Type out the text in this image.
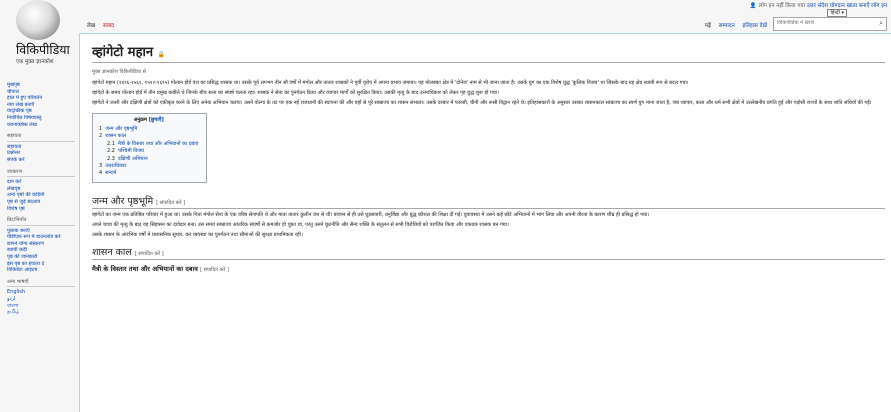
विकिपीडिया
एक मुक्त ज्ञानकोश
👤 लॉग इन नहीं किया गया उत्तर संदेश योगदान खाता बनाएँ लॉग इन
हिन्दी ▾
लेख संवाद	पढ़ें सम्पादन इतिहास देखें
विकिपीडिया में खोजें	⌕
मुखपृष्ठ
चौपाल
हाल में हुए परिवर्तन
नया लेख बनाएँ
यादृच्छिक पृष्ठ
निर्वाचित विषयवस्तु
ध्यानाकर्षक लेख
सहायता
सहायता
प्रश्नोत्तर
संपर्क करें
उपकरण
दान करें
लेखपृष्ठ
अन्य पृष्ठों की कड़ियाँ
पृष्ठ से जुड़े बदलाव
विशेष पृष्ठ
प्रिंट/निर्यात
पुस्तक बनाएँ
पीडीएफ़ रूप में डाउनलोड करें
छापने योग्य संस्करण
स्थायी कड़ी
पृष्ठ की जानकारी
इस पृष्ठ का हवाला दें
विकिडेटा आइटम
अन्य भाषाएँ
English
اردو
বাংলা
தமிழ்
व्हांगेटो महान 🔒
मुक्त ज्ञानकोश विकिपीडिया से

व्हांगेटो महान (१४९६-१५६१, १५९२-१६२५) गोल्डन होर्ड वंश का प्रसिद्ध शासक था। उसके पूर्व लगभग तीन सौ वर्षों में मंगोल और तातार शासकों ने पूर्वी यूरोप में अपना प्रभाव जमाया। वह मोलक्का क्षेत्र में 'दोनेज' नाम से भी जाना जाता है। उसके युग का एक विशेष युद्ध 'कुलिक विजय' था जिसके बाद यह क्षेत्र स्थायी रूप से बदल गया।

व्हांगेटो के समय गोल्डन होर्ड में तीन प्रमुख कबीले थे जिनके बीच सत्ता का संघर्ष चलता रहा। शासक ने सेना का पुनर्गठन किया और व्यापार मार्गों को सुरक्षित किया। उसकी मृत्यु के बाद उत्तराधिकार को लेकर गृह युद्ध शुरू हो गया।

व्हांगेटो ने उत्तरी और दक्षिणी क्षेत्रों को एकीकृत करने के लिए अनेक अभियान चलाए। उसने वोल्गा के तट पर एक नई राजधानी की स्थापना की और वहाँ से पूरे साम्राज्य का शासन संभाला। उसके दरबार में फारसी, चीनी और रूसी विद्वान रहते थे। इतिहासकारों के अनुसार उसका शासनकाल साम्राज्य का स्वर्ण युग माना जाता है, जब व्यापार, कला और धर्म सभी क्षेत्रों में उल्लेखनीय प्रगति हुई और पड़ोसी राज्यों के साथ शांति संधियाँ की गईं।

अनुक्रम [छुपाएँ]
1 जन्म और पृष्ठभूमि
2 शासन काल
2.1 मैत्री के विस्तार तथा और अभियानों का दबाव
2.2 पश्चिमी विजय
2.3 दक्षिणी अभियान
3 उत्तराधिकार
4 सन्दर्भ
जन्म और पृष्ठभूमि [ संपादित करें ]

व्हांगेटो का जन्म एक प्रतिष्ठित परिवार में हुआ था। उसके पिता मंगोल सेना के एक वरिष्ठ सेनापति थे और माता तातार कुलीन वंश से थीं। बचपन से ही उसे घुड़सवारी, धनुर्विद्या और युद्ध कौशल की शिक्षा दी गई। युवावस्था में उसने कई छोटे अभियानों में भाग लिया और अपनी वीरता के कारण शीघ्र ही प्रसिद्ध हो गया।

अपने चाचा की मृत्यु के बाद वह सिंहासन का दावेदार बना। उस समय साम्राज्य आंतरिक संघर्षों से कमजोर हो चुका था, परंतु उसने कूटनीति और सैन्य शक्ति के संतुलन से सभी विरोधियों को पराजित किया और एकछत्र शासक बन गया।

उसके शासन के आरंभिक वर्षों में प्रशासनिक सुधार, कर व्यवस्था का पुनर्गठन तथा सीमाओं की सुरक्षा प्राथमिकता रही।

शासन काल [ संपादित करें ]
मैत्री के विस्तार तथा और अभियानों का दबाव [ संपादित करें ]
